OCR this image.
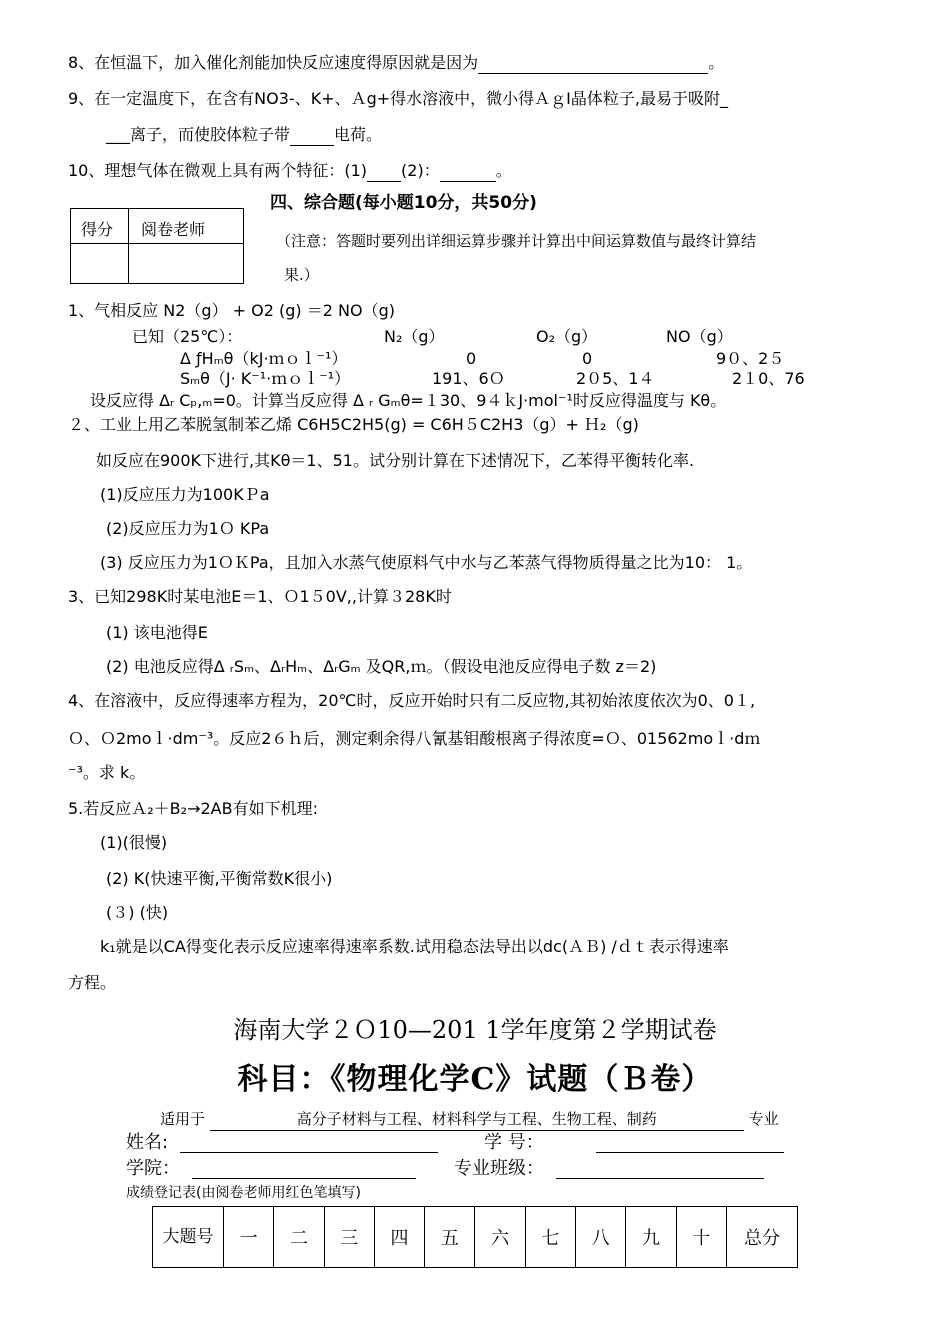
8、在恒温下，加入催化剂能加快反应速度得原因就是因为	。
9、在一定温度下，在含有NO3-、K+、Ａg+得水溶液中，微小得ＡｇⅠ晶体粒子,最易于吸附_
___离子，而使胶体粒子带	电荷。
10、理想气体在微观上具有两个特征：(1) (2)：	。
得分 阅卷老师
四、综合题(每小题10分，共50分)
（注意：答题时要列出详细运算步骤并计算出中间运算数值与最终计算结
果.）
1、气相反应 N2（g） + O2 (g) ＝2 NO（g)
已知（25℃）：	N₂（g）	O₂（g）	NO（g）
Δ ƒHₘθ（kJ·ｍｏｌ⁻¹）	0	0	9０、2５
Sₘθ（J· K⁻¹·ｍｏｌ⁻¹）	191、6Ｏ	2０5、1４	2１0、76
设反应得 Δᵣ Cₚ,ₘ=0。计算当反应得 Δ ᵣ Gₘθ=１30、9４ｋJ·mol⁻¹时反应得温度与 Kθ。
２、工业上用乙苯脱氢制苯乙烯 C6H5C2H5(g) = C6H５C2H3（g）+ Ｈ₂（g)
如反应在900K下进行,其Kθ＝1、51。试分别计算在下述情况下，乙苯得平衡转化率.
(1)反应压力为100KＰa
(2)反应压力为1Ｏ KPa
(3) 反应压力为1ＯＫPa，且加入水蒸气使原料气中水与乙苯蒸气得物质得量之比为10： 1。
3、已知298K时某电池E＝1、Ｏ1５0V,,计算３28K时
(1) 该电池得E
(2) 电池反应得Δ ᵣSₘ、ΔᵣHₘ、ΔᵣGₘ 及QR,ｍ。（假设电池反应得电子数 z＝2)
4、在溶液中，反应得速率方程为，20℃时，反应开始时只有二反应物,其初始浓度依次为0、0１,
Ｏ、Ｏ2moｌ·dm⁻³。反应2６ｈ后，测定剩余得八氰基钼酸根离子得浓度=Ｏ、01562moｌ·dｍ
⁻³。求 k。
5.若反应Ａ₂＋B₂→2AB有如下机理:
(1)(很慢)
(2) K(快速平衡,平衡常数K很小)
(３) (快)
k₁就是以CA得变化表示反应速率得速率系数.试用稳态法导出以dc(ＡＢ) /ｄｔ表示得速率
方程。
海南大学２Ｏ10—201 1学年度第２学期试卷
科目：《物理化学C》试题（Ｂ卷）
适用于	高分子材料与工程、材料科学与工程、生物工程、制药	专业
姓名:	学 号：
学院：	专业班级：
成绩登记表(由阅卷老师用红色笔填写)
大题号	一	二	三	四	五	六	七	八	九	十	总分
